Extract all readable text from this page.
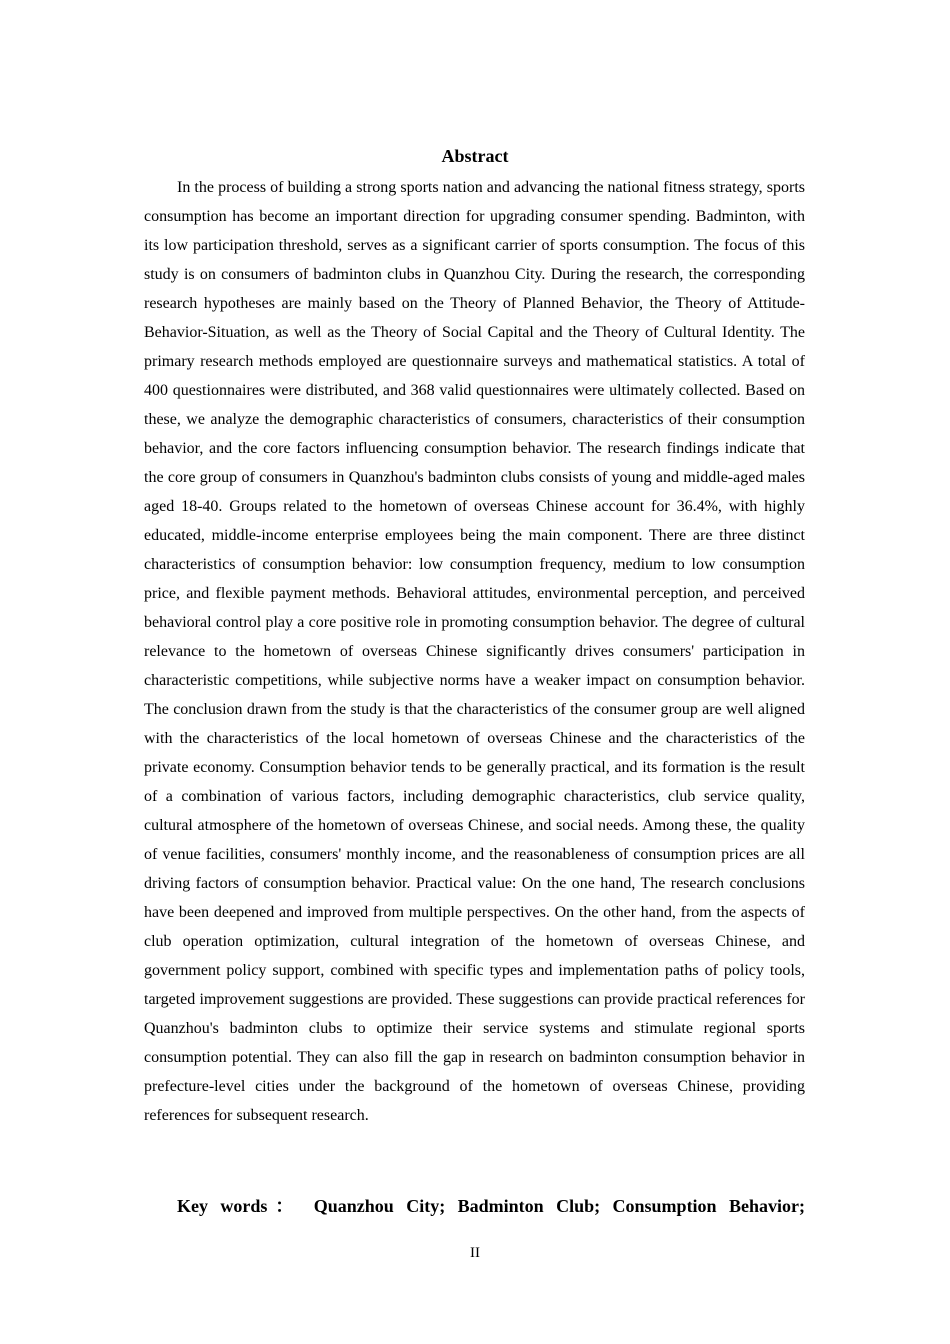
Abstract

In the process of building a strong sports nation and advancing the national fitness strategy, sports consumption has become an important direction for upgrading consumer spending. Badminton, with its low participation threshold, serves as a significant carrier of sports consumption. The focus of this study is on consumers of badminton clubs in Quanzhou City. During the research, the corresponding research hypotheses are mainly based on the Theory of Planned Behavior, the Theory of Attitude-Behavior-Situation, as well as the Theory of Social Capital and the Theory of Cultural Identity. The primary research methods employed are questionnaire surveys and mathematical statistics. A total of 400 questionnaires were distributed, and 368 valid questionnaires were ultimately collected. Based on these, we analyze the demographic characteristics of consumers, characteristics of their consumption behavior, and the core factors influencing consumption behavior. The research findings indicate that the core group of consumers in Quanzhou's badminton clubs consists of young and middle-aged males aged 18-40. Groups related to the hometown of overseas Chinese account for 36.4%, with highly educated, middle-income enterprise employees being the main component. There are three distinct characteristics of consumption behavior: low consumption frequency, medium to low consumption price, and flexible payment methods. Behavioral attitudes, environmental perception, and perceived behavioral control play a core positive role in promoting consumption behavior. The degree of cultural relevance to the hometown of overseas Chinese significantly drives consumers' participation in characteristic competitions, while subjective norms have a weaker impact on consumption behavior. The conclusion drawn from the study is that the characteristics of the consumer group are well aligned with the characteristics of the local hometown of overseas Chinese and the characteristics of the private economy. Consumption behavior tends to be generally practical, and its formation is the result of a combination of various factors, including demographic characteristics, club service quality, cultural atmosphere of the hometown of overseas Chinese, and social needs. Among these, the quality of venue facilities, consumers' monthly income, and the reasonableness of consumption prices are all driving factors of consumption behavior. Practical value: On the one hand, The research conclusions have been deepened and improved from multiple perspectives. On the other hand, from the aspects of club operation optimization, cultural integration of the hometown of overseas Chinese, and government policy support, combined with specific types and implementation paths of policy tools, targeted improvement suggestions are provided. These suggestions can provide practical references for Quanzhou's badminton clubs to optimize their service systems and stimulate regional sports consumption potential. They can also fill the gap in research on badminton consumption behavior in prefecture-level cities under the background of the hometown of overseas Chinese, providing references for subsequent research.

Key words： Quanzhou City; Badminton Club; Consumption Behavior;

II
